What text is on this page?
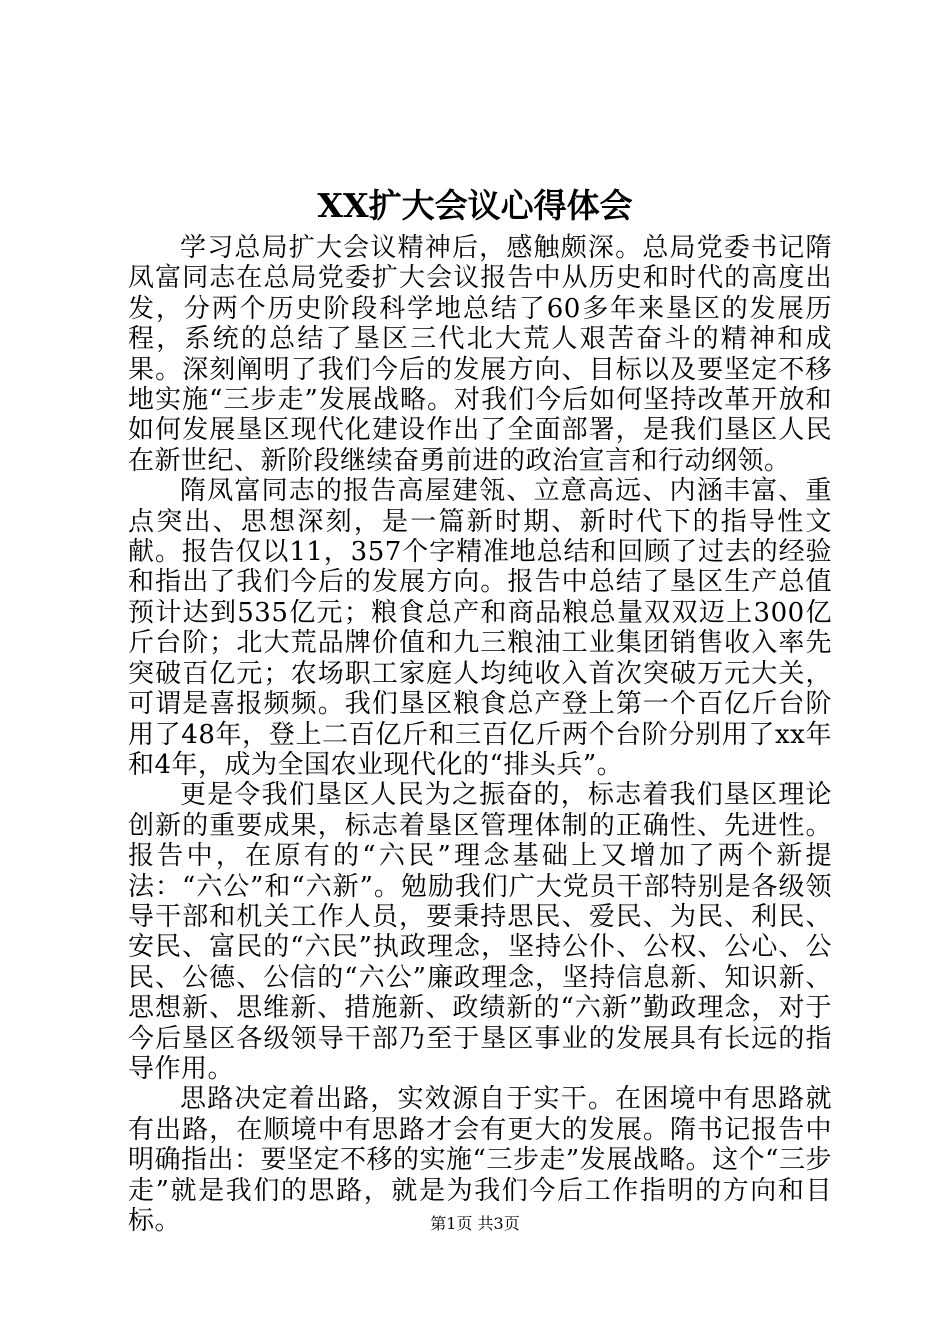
XX扩大会议心得体会

学习总局扩大会议精神后，感触颇深。总局党委书记隋凤富同志在总局党委扩大会议报告中从历史和时代的高度出发，分两个历史阶段科学地总结了60多年来垦区的发展历程，系统的总结了垦区三代北大荒人艰苦奋斗的精神和成果。深刻阐明了我们今后的发展方向、目标以及要坚定不移地实施“三步走”发展战略。对我们今后如何坚持改革开放和如何发展垦区现代化建设作出了全面部署，是我们垦区人民在新世纪、新阶段继续奋勇前进的政治宣言和行动纲领。

隋凤富同志的报告高屋建瓴、立意高远、内涵丰富、重点突出、思想深刻，是一篇新时期、新时代下的指导性文献。报告仅以11，357个字精准地总结和回顾了过去的经验和指出了我们今后的发展方向。报告中总结了垦区生产总值预计达到535亿元；粮食总产和商品粮总量双双迈上300亿斤台阶；北大荒品牌价值和九三粮油工业集团销售收入率先突破百亿元；农场职工家庭人均纯收入首次突破万元大关，可谓是喜报频频。我们垦区粮食总产登上第一个百亿斤台阶用了48年，登上二百亿斤和三百亿斤两个台阶分别用了xx年和4年，成为全国农业现代化的“排头兵”。

更是令我们垦区人民为之振奋的，标志着我们垦区理论创新的重要成果，标志着垦区管理体制的正确性、先进性。报告中，在原有的“六民”理念基础上又增加了两个新提法：“六公”和“六新”。勉励我们广大党员干部特别是各级领导干部和机关工作人员，要秉持思民、爱民、为民、利民、安民、富民的“六民”执政理念，坚持公仆、公权、公心、公民、公德、公信的“六公”廉政理念，坚持信息新、知识新、思想新、思维新、措施新、政绩新的“六新”勤政理念，对于今后垦区各级领导干部乃至于垦区事业的发展具有长远的指导作用。

思路决定着出路，实效源自于实干。在困境中有思路就有出路，在顺境中有思路才会有更大的发展。隋书记报告中明确指出：要坚定不移的实施“三步走”发展战略。这个“三步走”就是我们的思路，就是为我们今后工作指明的方向和目标。	第1页 共3页
